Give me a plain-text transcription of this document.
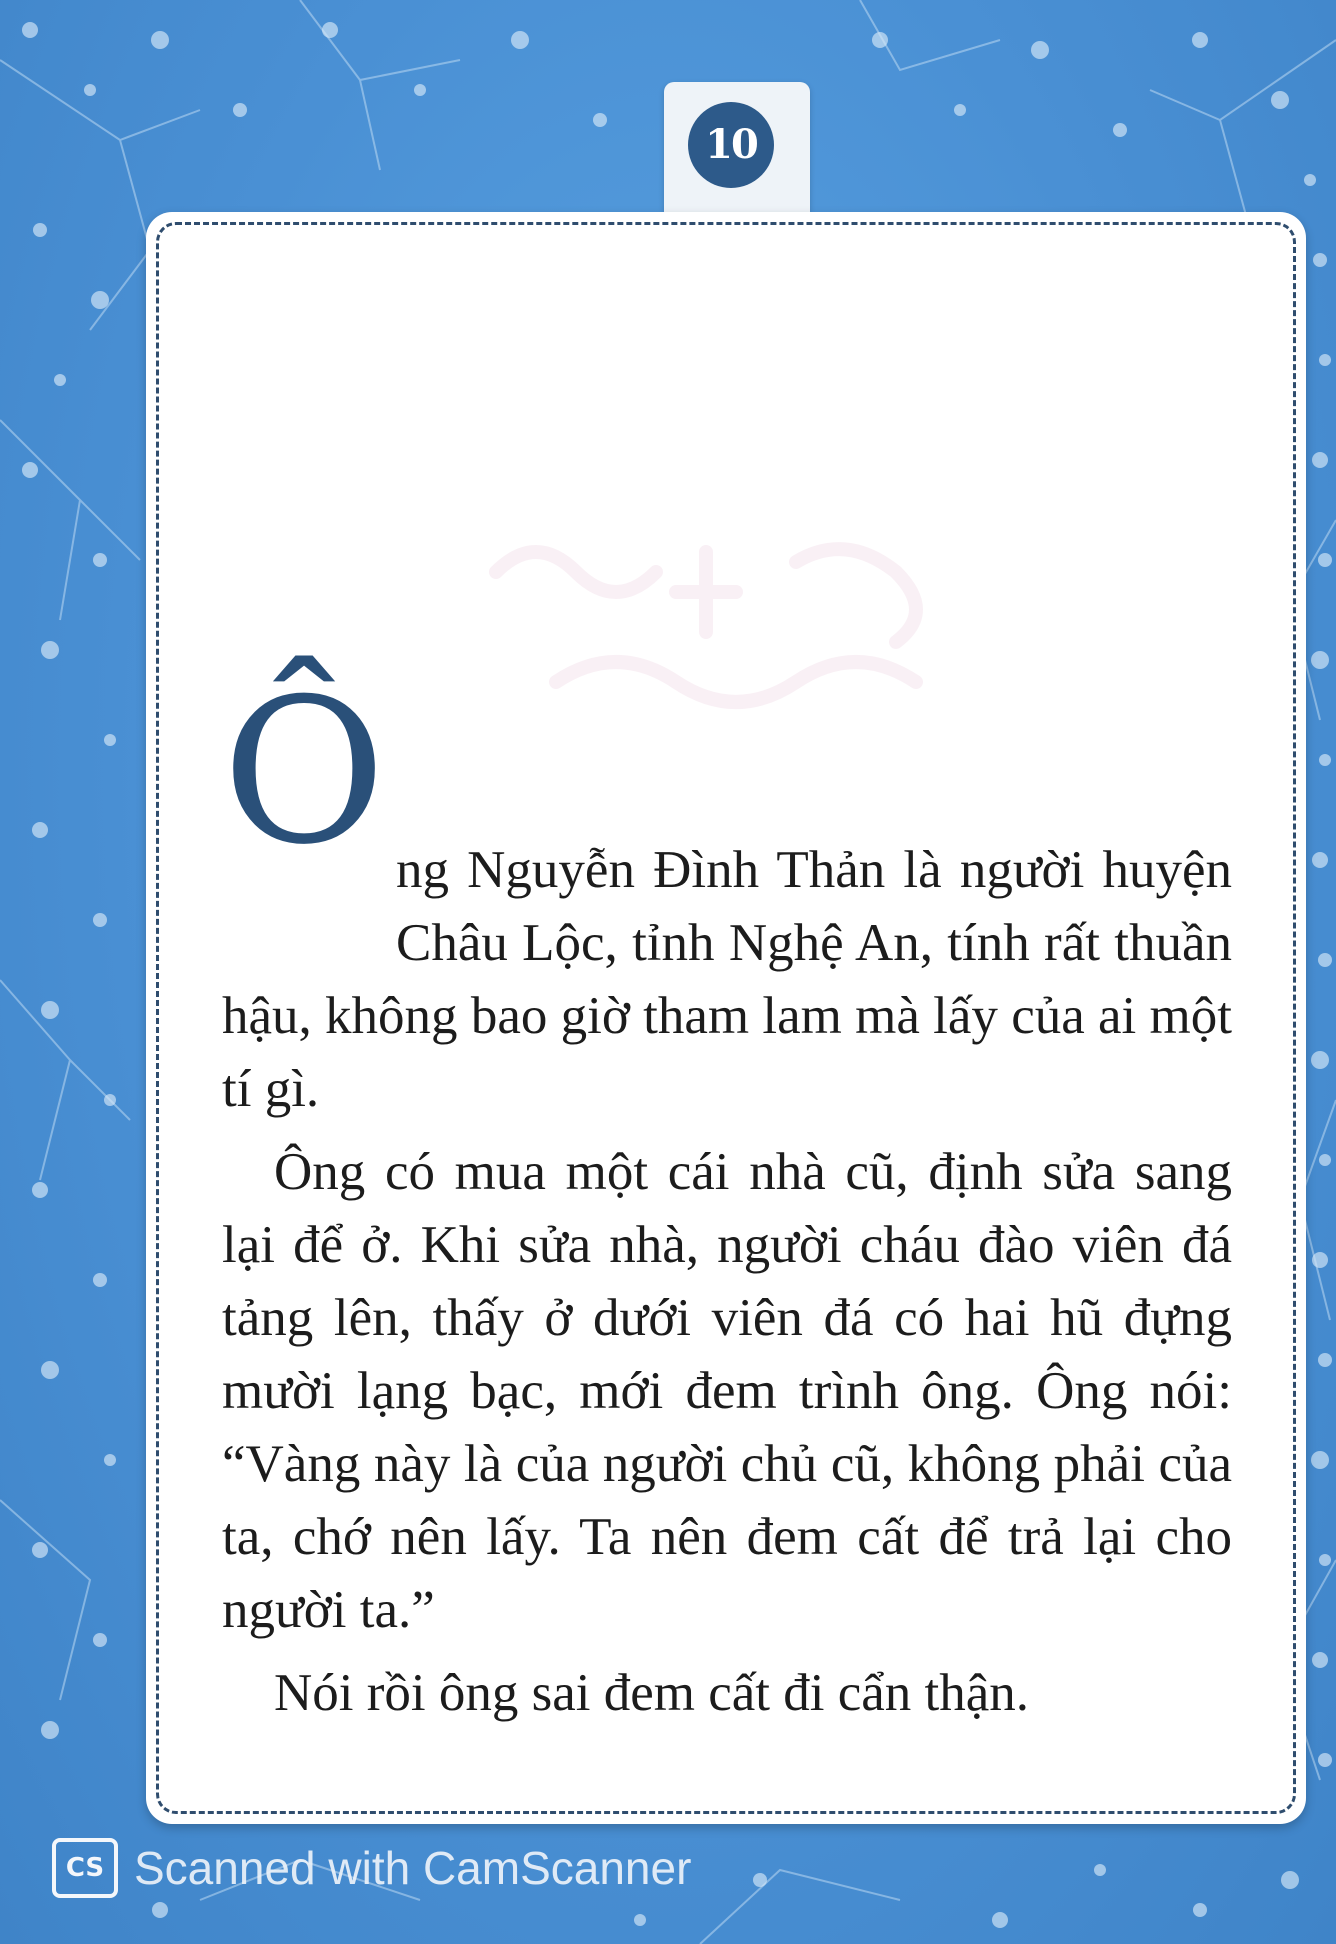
10
Ô ng Nguyễn Đình Thản là người huyện Châu Lộc, tỉnh Nghệ An, tính rất thuần hậu, không bao giờ tham lam mà lấy của ai một tí gì.

Ông có mua một cái nhà cũ, định sửa sang lại để ở. Khi sửa nhà, người cháu đào viên đá tảng lên, thấy ở dưới viên đá có hai hũ đựng mười lạng bạc, mới đem trình ông. Ông nói: “Vàng này là của người chủ cũ, không phải của ta, chớ nên lấy. Ta nên đem cất để trả lại cho người ta.”

Nói rồi ông sai đem cất đi cẩn thận.

CS Scanned with CamScanner
